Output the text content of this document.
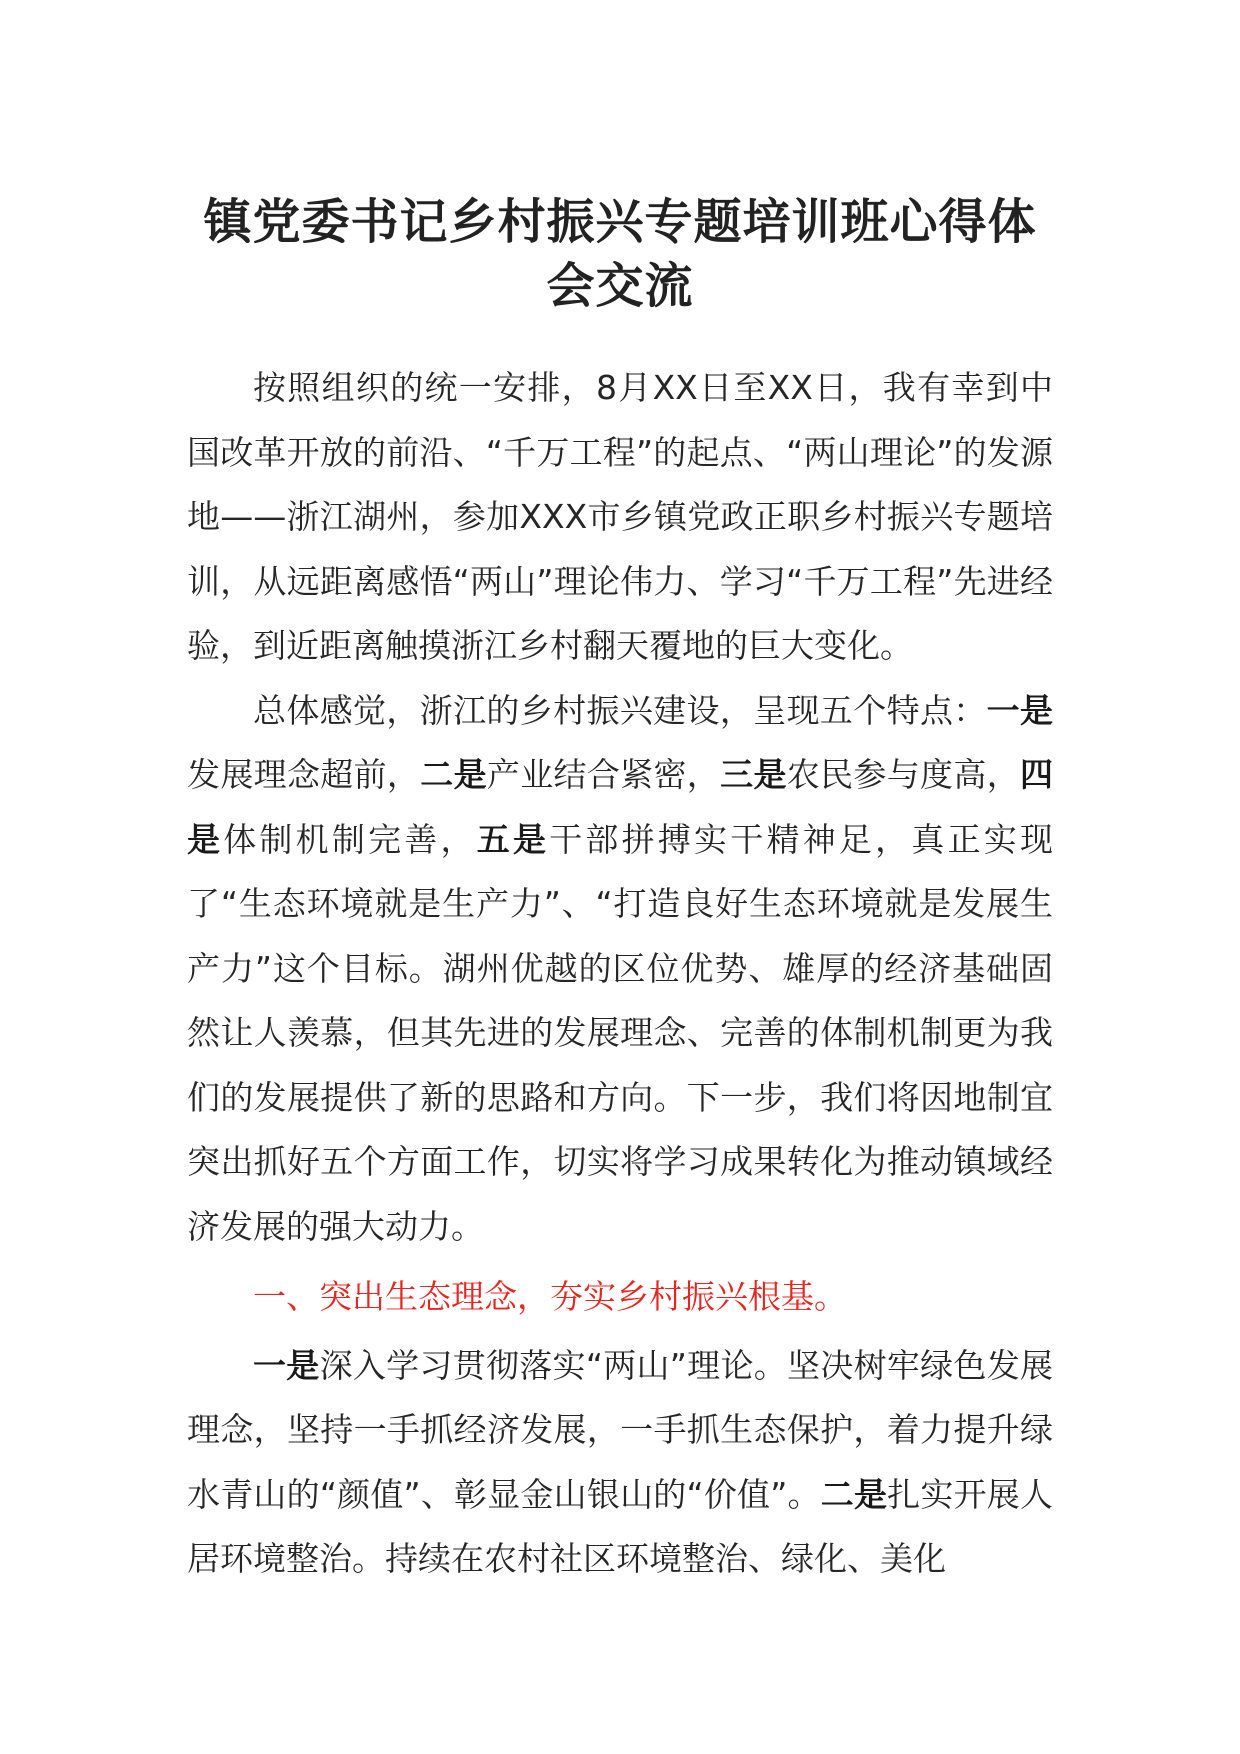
镇党委书记乡村振兴专题培训班心得体会交流

按照组织的统一安排，8月XX日至XX日，我有幸到中国改革开放的前沿、“千万工程”的起点、“两山理论”的发源地——浙江湖州，参加XXX市乡镇党政正职乡村振兴专题培训，从远距离感悟“两山”理论伟力、学习“千万工程”先进经验，到近距离触摸浙江乡村翻天覆地的巨大变化。

总体感觉，浙江的乡村振兴建设，呈现五个特点：一是发展理念超前，二是产业结合紧密，三是农民参与度高，四是体制机制完善，五是干部拼搏实干精神足，真正实现了“生态环境就是生产力”、“打造良好生态环境就是发展生产力”这个目标。湖州优越的区位优势、雄厚的经济基础固然让人羡慕，但其先进的发展理念、完善的体制机制更为我们的发展提供了新的思路和方向。下一步，我们将因地制宜突出抓好五个方面工作，切实将学习成果转化为推动镇域经济发展的强大动力。

一、突出生态理念，夯实乡村振兴根基。

一是深入学习贯彻落实“两山”理论。坚决树牢绿色发展理念，坚持一手抓经济发展，一手抓生态保护，着力提升绿水青山的“颜值”、彰显金山银山的“价值”。二是扎实开展人居环境整治。持续在农村社区环境整治、绿化、美化
